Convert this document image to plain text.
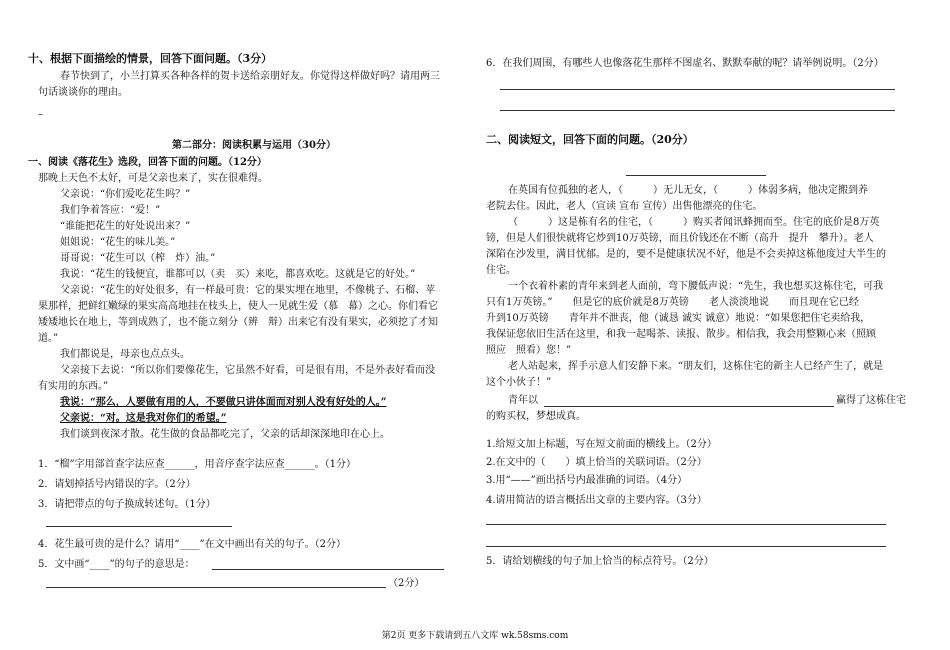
十、根据下面描绘的情景，回答下面问题。（3分）
春节快到了，小兰打算买各种各样的贺卡送给亲朋好友。你觉得这样做好吗？请用两三
句话谈谈你的理由。
–
第二部分：阅读积累与运用（30分）
一、阅读《落花生》选段，回答下面的问题。（12分）
那晚上天色不太好，可是父亲也来了，实在很难得。
父亲说：“你们爱吃花生吗？”
我们争着答应：“爱！”
“谁能把花生的好处说出来？”
姐姐说：“花生的味儿美。”
哥哥说：“花生可以（榨　炸）油。”
我说：“花生的钱便宜，谁都可以（卖　买）来吃，都喜欢吃。这就是它的好处。”
父亲说：“花生的好处很多，有一样最可贵：它的果实埋在地里，不像桃子、石榴、苹
果那样，把鲜红嫩绿的果实高高地挂在枝头上，使人一见就生爱（慕　幕）之心。你们看它
矮矮地长在地上，等到成熟了，也不能立刻分（辨　辩）出来它有没有果实，必须挖了才知
道。”
我们都说是，母亲也点点头。
父亲接下去说：“所以你们要像花生，它虽然不好看，可是很有用，不是外表好看而没
有实用的东西。”
我说：“那么，人要做有用的人，不要做只讲体面而对别人没有好处的人。”
父亲说：“对。这是我对你们的希望。”
我们谈到夜深才散。花生做的食品都吃完了，父亲的话却深深地印在心上。
1．“榴”字用部首查字法应查______，用音序查字法应查______。（1分）
2．请划掉括号内错误的字。（2分）
3．请把带点的句子换成转述句。（1分）
4．花生最可贵的是什么？请用“____”在文中画出有关的句子。（2分）
5．文中画“____”的句子的意思是：
（2分）
6．在我们周围，有哪些人也像落花生那样不图虚名、默默奉献的呢？请举例说明。（2分）
二、阅读短文，回答下面的问题。（20分）
在英国有位孤独的老人，（　　　）无儿无女，（　　　）体弱多病，他决定搬到养
老院去住。因此，老人（宣读 宣布 宣传）出售他漂亮的住宅。
（　　　）这是栋有名的住宅，（　　　）购买者闻讯蜂拥而至。住宅的底价是8万英
镑，但是人们很快就将它炒到10万英镑，而且价钱还在不断（高升　提升　攀升）。老人
深陷在沙发里，满目忧郁。是的，要不是健康状况不好，他是不会卖掉这栋他度过大半生的
住宅。
一个衣着朴素的青年来到老人面前，弯下腰低声说：“先生，我也想买这栋住宅，可我
只有1万英镑。”　　但是它的底价就是8万英镑　　老人淡淡地说　　而且现在它已经
升到10万英镑　　青年并不泄丧，他（诚恳 诚实 诚意）地说：“如果您把住宅卖给我，
我保证您依旧生活在这里，和我一起喝茶、读报、散步。相信我，我会用整颗心来（照顾
照应　照看）您！”
老人站起来，挥手示意人们安静下来。“朋友们，这栋住宅的新主人已经产生了，就是
这个小伙子！”
青年以	赢得了这栋住宅
的购买权，梦想成真。
1.给短文加上标题，写在短文前面的横线上。（2分）
2.在文中的（　　）填上恰当的关联词语。（2分）
3.用“——”画出括号内最准确的词语。（4分）
4.请用简洁的语言概括出文章的主要内容。（3分）
5．请给划横线的句子加上恰当的标点符号。（2分）
第2页 更多下载请到五八文库 wk.58sms.com
